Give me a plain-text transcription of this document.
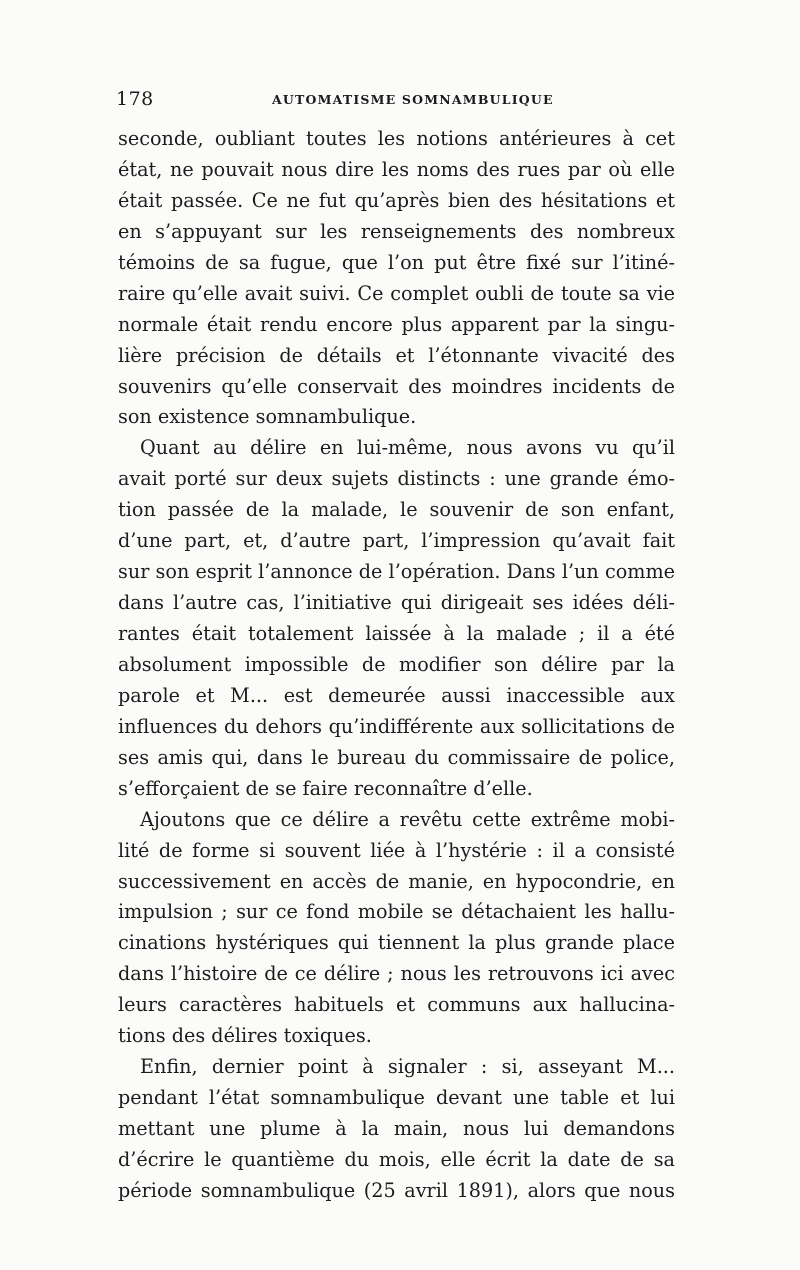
178	AUTOMATISME SOMNAMBULIQUE
seconde, oubliant toutes les notions antérieures à cet
état, ne pouvait nous dire les noms des rues par où elle
était passée. Ce ne fut qu’après bien des hésitations et
en s’appuyant sur les renseignements des nombreux
témoins de sa fugue, que l’on put être fixé sur l’itiné-
raire qu’elle avait suivi. Ce complet oubli de toute sa vie
normale était rendu encore plus apparent par la singu-
lière précision de détails et l’étonnante vivacité des
souvenirs qu’elle conservait des moindres incidents de
son existence somnambulique.
Quant au délire en lui-même, nous avons vu qu’il
avait porté sur deux sujets distincts : une grande émo-
tion passée de la malade, le souvenir de son enfant,
d’une part, et, d’autre part, l’impression qu’avait fait
sur son esprit l’annonce de l’opération. Dans l’un comme
dans l’autre cas, l’initiative qui dirigeait ses idées déli-
rantes était totalement laissée à la malade ; il a été
absolument impossible de modifier son délire par la
parole et M... est demeurée aussi inaccessible aux
influences du dehors qu’indifférente aux sollicitations de
ses amis qui, dans le bureau du commissaire de police,
s’efforçaient de se faire reconnaître d’elle.
Ajoutons que ce délire a revêtu cette extrême mobi-
lité de forme si souvent liée à l’hystérie : il a consisté
successivement en accès de manie, en hypocondrie, en
impulsion ; sur ce fond mobile se détachaient les hallu-
cinations hystériques qui tiennent la plus grande place
dans l’histoire de ce délire ; nous les retrouvons ici avec
leurs caractères habituels et communs aux hallucina-
tions des délires toxiques.
Enfin, dernier point à signaler : si, asseyant M...
pendant l’état somnambulique devant une table et lui
mettant une plume à la main, nous lui demandons
d’écrire le quantième du mois, elle écrit la date de sa
période somnambulique (25 avril 1891), alors que nous
